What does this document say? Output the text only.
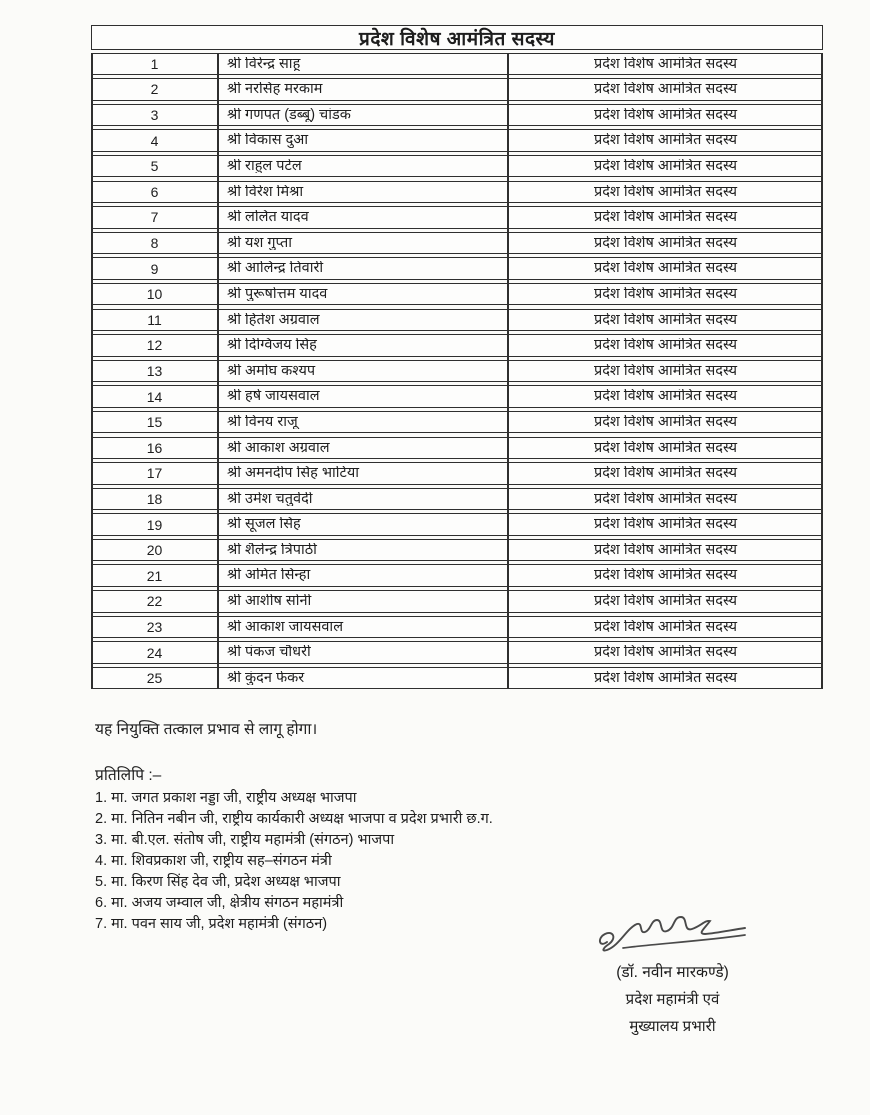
प्रदेश विशेष आमंत्रित सदस्य
1	श्री विरेन्द्र साहू	प्रदेश विशेष आमंत्रित सदस्य
2	श्री नरसिंह मरकाम	प्रदेश विशेष आमंत्रित सदस्य
3	श्री गणपत (डब्बू) चांडक	प्रदेश विशेष आमंत्रित सदस्य
4	श्री विकास दुआ	प्रदेश विशेष आमंत्रित सदस्य
5	श्री राहुल पटेल	प्रदेश विशेष आमंत्रित सदस्य
6	श्री विरेश मिश्रा	प्रदेश विशेष आमंत्रित सदस्य
7	श्री ललित यादव	प्रदेश विशेष आमंत्रित सदस्य
8	श्री यश गुप्ता	प्रदेश विशेष आमंत्रित सदस्य
9	श्री आलिन्द्र तिवारी	प्रदेश विशेष आमंत्रित सदस्य
10	श्री पुरूषोत्तम यादव	प्रदेश विशेष आमंत्रित सदस्य
11	श्री हितेश अग्रवाल	प्रदेश विशेष आमंत्रित सदस्य
12	श्री दिग्विजय सिंह	प्रदेश विशेष आमंत्रित सदस्य
13	श्री अमोघ कश्यप	प्रदेश विशेष आमंत्रित सदस्य
14	श्री हर्ष जायसवाल	प्रदेश विशेष आमंत्रित सदस्य
15	श्री विनय राजू	प्रदेश विशेष आमंत्रित सदस्य
16	श्री आकाश अग्रवाल	प्रदेश विशेष आमंत्रित सदस्य
17	श्री अमनदीप सिंह भाटिया	प्रदेश विशेष आमंत्रित सदस्य
18	श्री उमेश चतुर्वेदी	प्रदेश विशेष आमंत्रित सदस्य
19	श्री सूजल सिंह	प्रदेश विशेष आमंत्रित सदस्य
20	श्री शैलेन्द्र त्रिपाठी	प्रदेश विशेष आमंत्रित सदस्य
21	श्री अमित सिन्हा	प्रदेश विशेष आमंत्रित सदस्य
22	श्री आशीष सोनी	प्रदेश विशेष आमंत्रित सदस्य
23	श्री आकाश जायसवाल	प्रदेश विशेष आमंत्रित सदस्य
24	श्री पंकज चौधरी	प्रदेश विशेष आमंत्रित सदस्य
25	श्री कुंदन फेकर	प्रदेश विशेष आमंत्रित सदस्य
यह नियुक्ति तत्काल प्रभाव से लागू होगा।
प्रतिलिपि :–
1. मा. जगत प्रकाश नड्डा जी, राष्ट्रीय अध्यक्ष भाजपा
2. मा. नितिन नबीन जी, राष्ट्रीय कार्यकारी अध्यक्ष भाजपा व प्रदेश प्रभारी छ.ग.
3. मा. बी.एल. संतोष जी, राष्ट्रीय महामंत्री (संगठन) भाजपा
4. मा. शिवप्रकाश जी, राष्ट्रीय सह–संगठन मंत्री
5. मा. किरण सिंह देव जी, प्रदेश अध्यक्ष भाजपा
6. मा. अजय जम्वाल जी, क्षेत्रीय संगठन महामंत्री
7. मा. पवन साय जी, प्रदेश महामंत्री (संगठन)
(डॉ. नवीन मारकण्डे)
प्रदेश महामंत्री एवं
मुख्यालय प्रभारी
